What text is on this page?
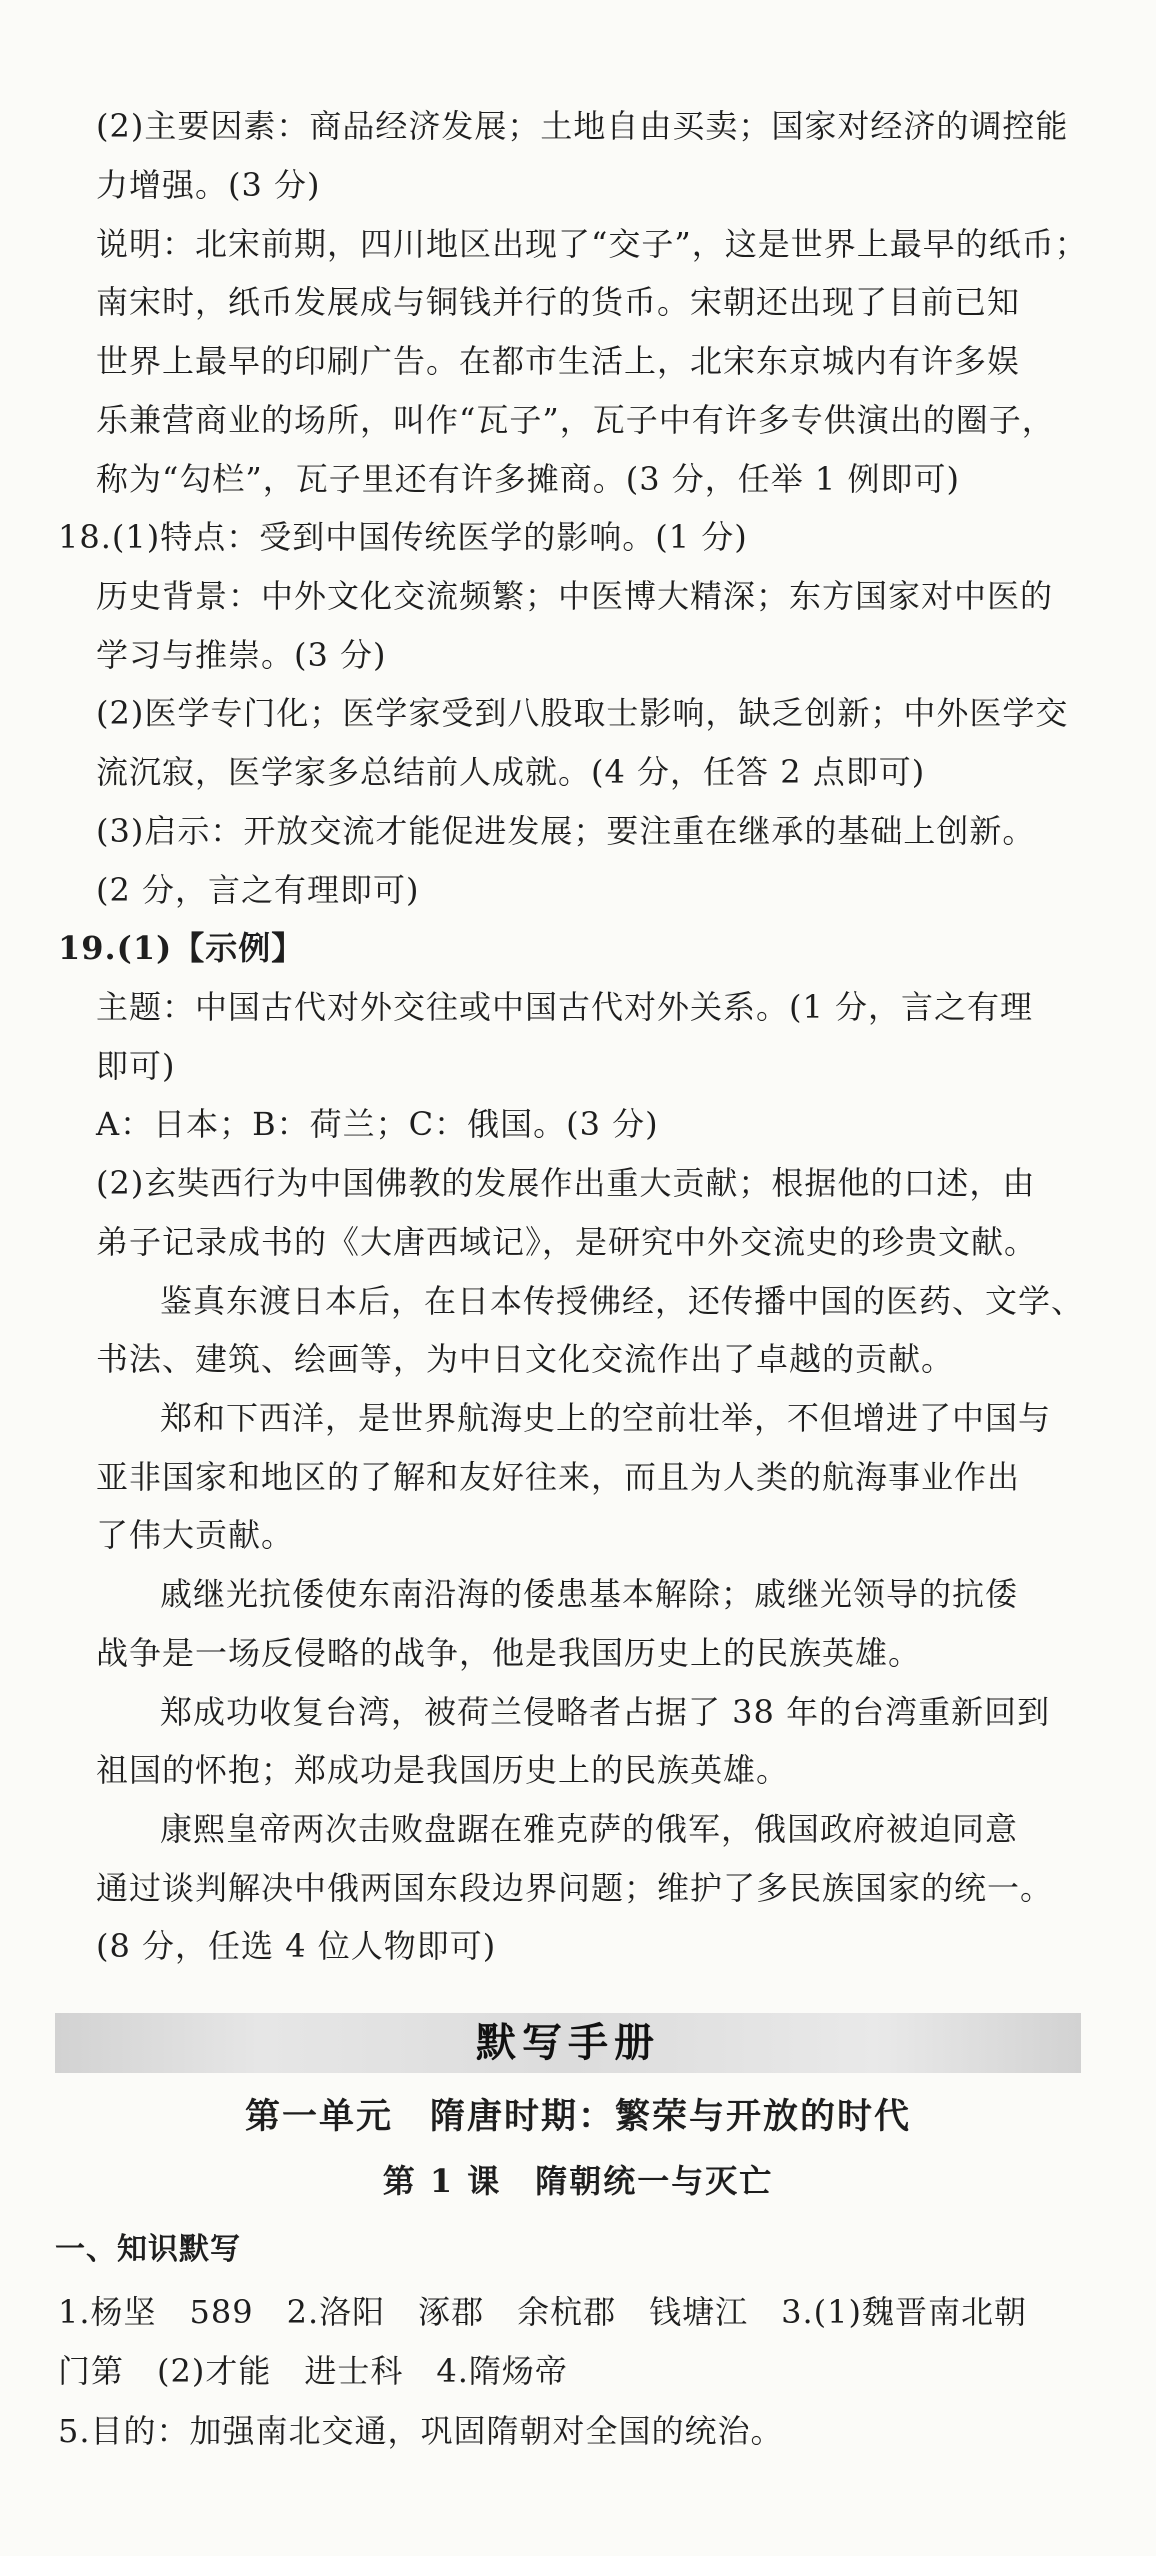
(2)主要因素：商品经济发展；土地自由买卖；国家对经济的调控能

力增强。(3 分)

说明：北宋前期，四川地区出现了“交子”，这是世界上最早的纸币；

南宋时，纸币发展成与铜钱并行的货币。宋朝还出现了目前已知

世界上最早的印刷广告。在都市生活上，北宋东京城内有许多娱

乐兼营商业的场所，叫作“瓦子”，瓦子中有许多专供演出的圈子，

称为“勾栏”，瓦子里还有许多摊商。(3 分，任举 1 例即可)

18.(1)特点：受到中国传统医学的影响。(1 分)

历史背景：中外文化交流频繁；中医博大精深；东方国家对中医的

学习与推崇。(3 分)

(2)医学专门化；医学家受到八股取士影响，缺乏创新；中外医学交

流沉寂，医学家多总结前人成就。(4 分，任答 2 点即可)

(3)启示：开放交流才能促进发展；要注重在继承的基础上创新。

(2 分，言之有理即可)

19.(1)【示例】

主题：中国古代对外交往或中国古代对外关系。(1 分，言之有理

即可)

A：日本；B：荷兰；C：俄国。(3 分)

(2)玄奘西行为中国佛教的发展作出重大贡献；根据他的口述，由

弟子记录成书的《大唐西域记》，是研究中外交流史的珍贵文献。

鉴真东渡日本后，在日本传授佛经，还传播中国的医药、文学、

书法、建筑、绘画等，为中日文化交流作出了卓越的贡献。

郑和下西洋，是世界航海史上的空前壮举，不但增进了中国与

亚非国家和地区的了解和友好往来，而且为人类的航海事业作出

了伟大贡献。

戚继光抗倭使东南沿海的倭患基本解除；戚继光领导的抗倭

战争是一场反侵略的战争，他是我国历史上的民族英雄。

郑成功收复台湾，被荷兰侵略者占据了 38 年的台湾重新回到

祖国的怀抱；郑成功是我国历史上的民族英雄。

康熙皇帝两次击败盘踞在雅克萨的俄军，俄国政府被迫同意

通过谈判解决中俄两国东段边界问题；维护了多民族国家的统一。

(8 分，任选 4 位人物即可)

默写手册

第一单元　隋唐时期：繁荣与开放的时代

第 1 课　隋朝统一与灭亡

一、知识默写

1.杨坚　589　2.洛阳　涿郡　余杭郡　钱塘江　3.(1)魏晋南北朝

门第　(2)才能　进士科　4.隋炀帝

5.目的：加强南北交通，巩固隋朝对全国的统治。
